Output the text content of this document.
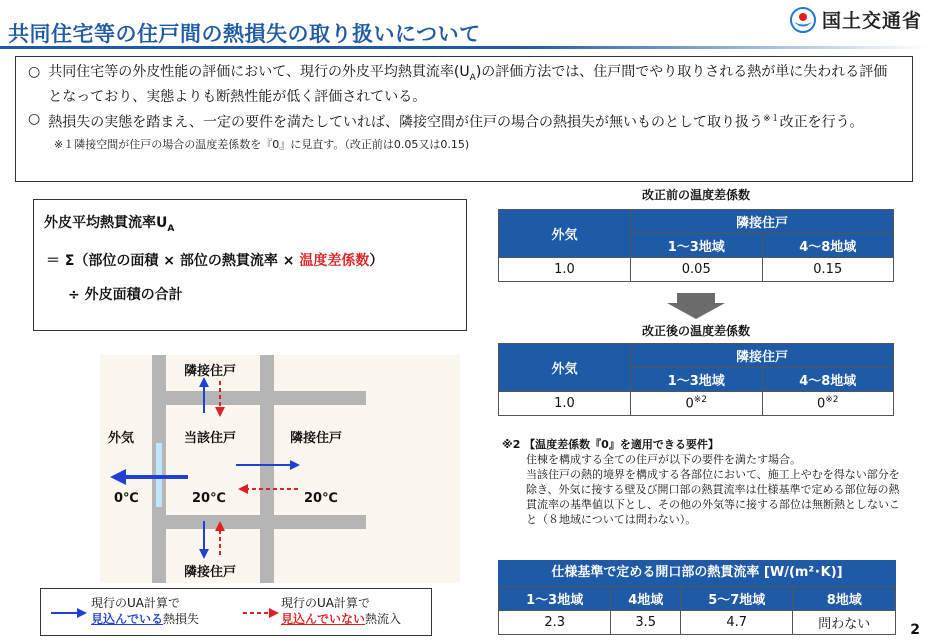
共同住宅等の住戸間の熱損失の取り扱いについて
国土交通省
○ 共同住宅等の外皮性能の評価において、現行の外皮平均熱貫流率$(U_A)$の評価方法では、住戸間でやり取りされる熱が単に失われる評価となっており、実態よりも断熱性能が低く評価されている。
○ 熱損失の実態を踏まえ、一定の要件を満たしていれば、隣接空間が住戸の場合の熱損失が無いものとして取り扱う$^{※1}$改正を行う。
※１隣接空間が住戸の場合の温度差係数を『0』に見直す。（改正前は0.05又は0.15)
外皮平均熱貫流率$U_A$
＝ Σ（部位の面積 × 部位の熱貫流率 × 温度差係数）
÷ 外皮面積の合計
改正前の温度差係数
外気	隣接住戸	
	1～3地域	4～8地域
1.0	0.05	0.15
改正後の温度差係数
外気	隣接住戸	
	1～3地域	4～8地域
1.0	0$^{※2}$	0$^{※2}$
※2 【温度差係数『0』を適用できる要件】
住棟を構成する全ての住戸が以下の要件を満たす場合。
当該住戸の熱的境界を構成する各部位において、施工上やむを得ない部分を除き、外気に接する壁及び開口部の熱貫流率は仕様基準で定める部位毎の熱貫流率の基準値以下とし、その他の外気等に接する部位は無断熱としないこと（８地域については問わない）。
仕様基準で定める開口部の熱貫流率 [W/(m²･K)]
1～3地域	4地域	5～7地域	8地域
2.3	3.5	4.7	問わない
隣接住戸
隣接住戸
外気	当該住戸	隣接住戸
0℃	20℃	20℃
現行のUA計算で
見込んでいる熱損失
現行のUA計算で
見込んでいない熱流入
2
